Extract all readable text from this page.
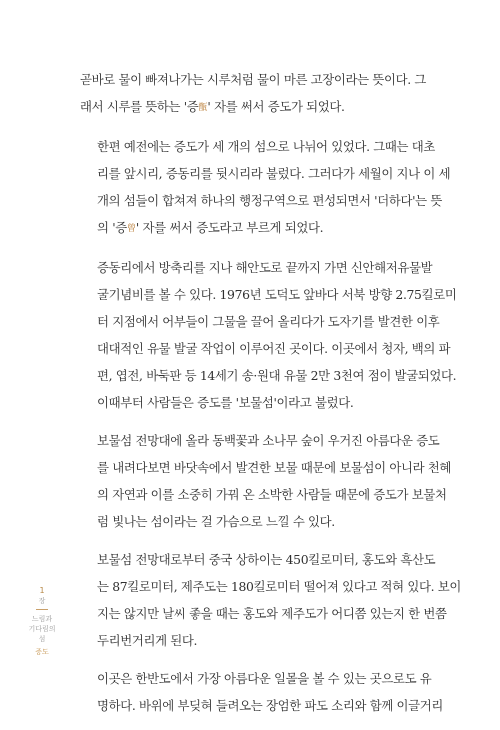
곧바로 물이 빠져나가는 시루처럼 물이 마른 고장이라는 뜻이다. 그
래서 시루를 뜻하는 '증甑' 자를 써서 증도가 되었다.
한편 예전에는 증도가 세 개의 섬으로 나뉘어 있었다. 그때는 대초
리를 앞시리, 증동리를 뒷시리라 불렀다. 그러다가 세월이 지나 이 세
개의 섬들이 합쳐져 하나의 행정구역으로 편성되면서 '더하다'는 뜻
의 '증曾' 자를 써서 증도라고 부르게 되었다.
증동리에서 방축리를 지나 해안도로 끝까지 가면 신안해저유물발
굴기념비를 볼 수 있다. 1976년 도덕도 앞바다 서북 방향 2.75킬로미
터 지점에서 어부들이 그물을 끌어 올리다가 도자기를 발견한 이후
대대적인 유물 발굴 작업이 이루어진 곳이다. 이곳에서 청자, 백의 파
편, 엽전, 바둑판 등 14세기 송·원대 유물 2만 3천여 점이 발굴되었다.
이때부터 사람들은 증도를 '보물섬'이라고 불렀다.
보물섬 전망대에 올라 동백꽃과 소나무 숲이 우거진 아름다운 증도
를 내려다보면 바닷속에서 발견한 보물 때문에 보물섬이 아니라 천혜
의 자연과 이를 소중히 가꿔 온 소박한 사람들 때문에 증도가 보물처
럼 빛나는 섬이라는 걸 가슴으로 느낄 수 있다.
보물섬 전망대로부터 중국 상하이는 450킬로미터, 홍도와 흑산도
는 87킬로미터, 제주도는 180킬로미터 떨어져 있다고 적혀 있다. 보이
지는 않지만 날씨 좋을 때는 홍도와 제주도가 어디쯤 있는지 한 번쯤
두리번거리게 된다.
이곳은 한반도에서 가장 아름다운 일몰을 볼 수 있는 곳으로도 유
명하다. 바위에 부딪혀 들려오는 장엄한 파도 소리와 함께 이글거리
1
장
느림과
기다림의
섬
증도
